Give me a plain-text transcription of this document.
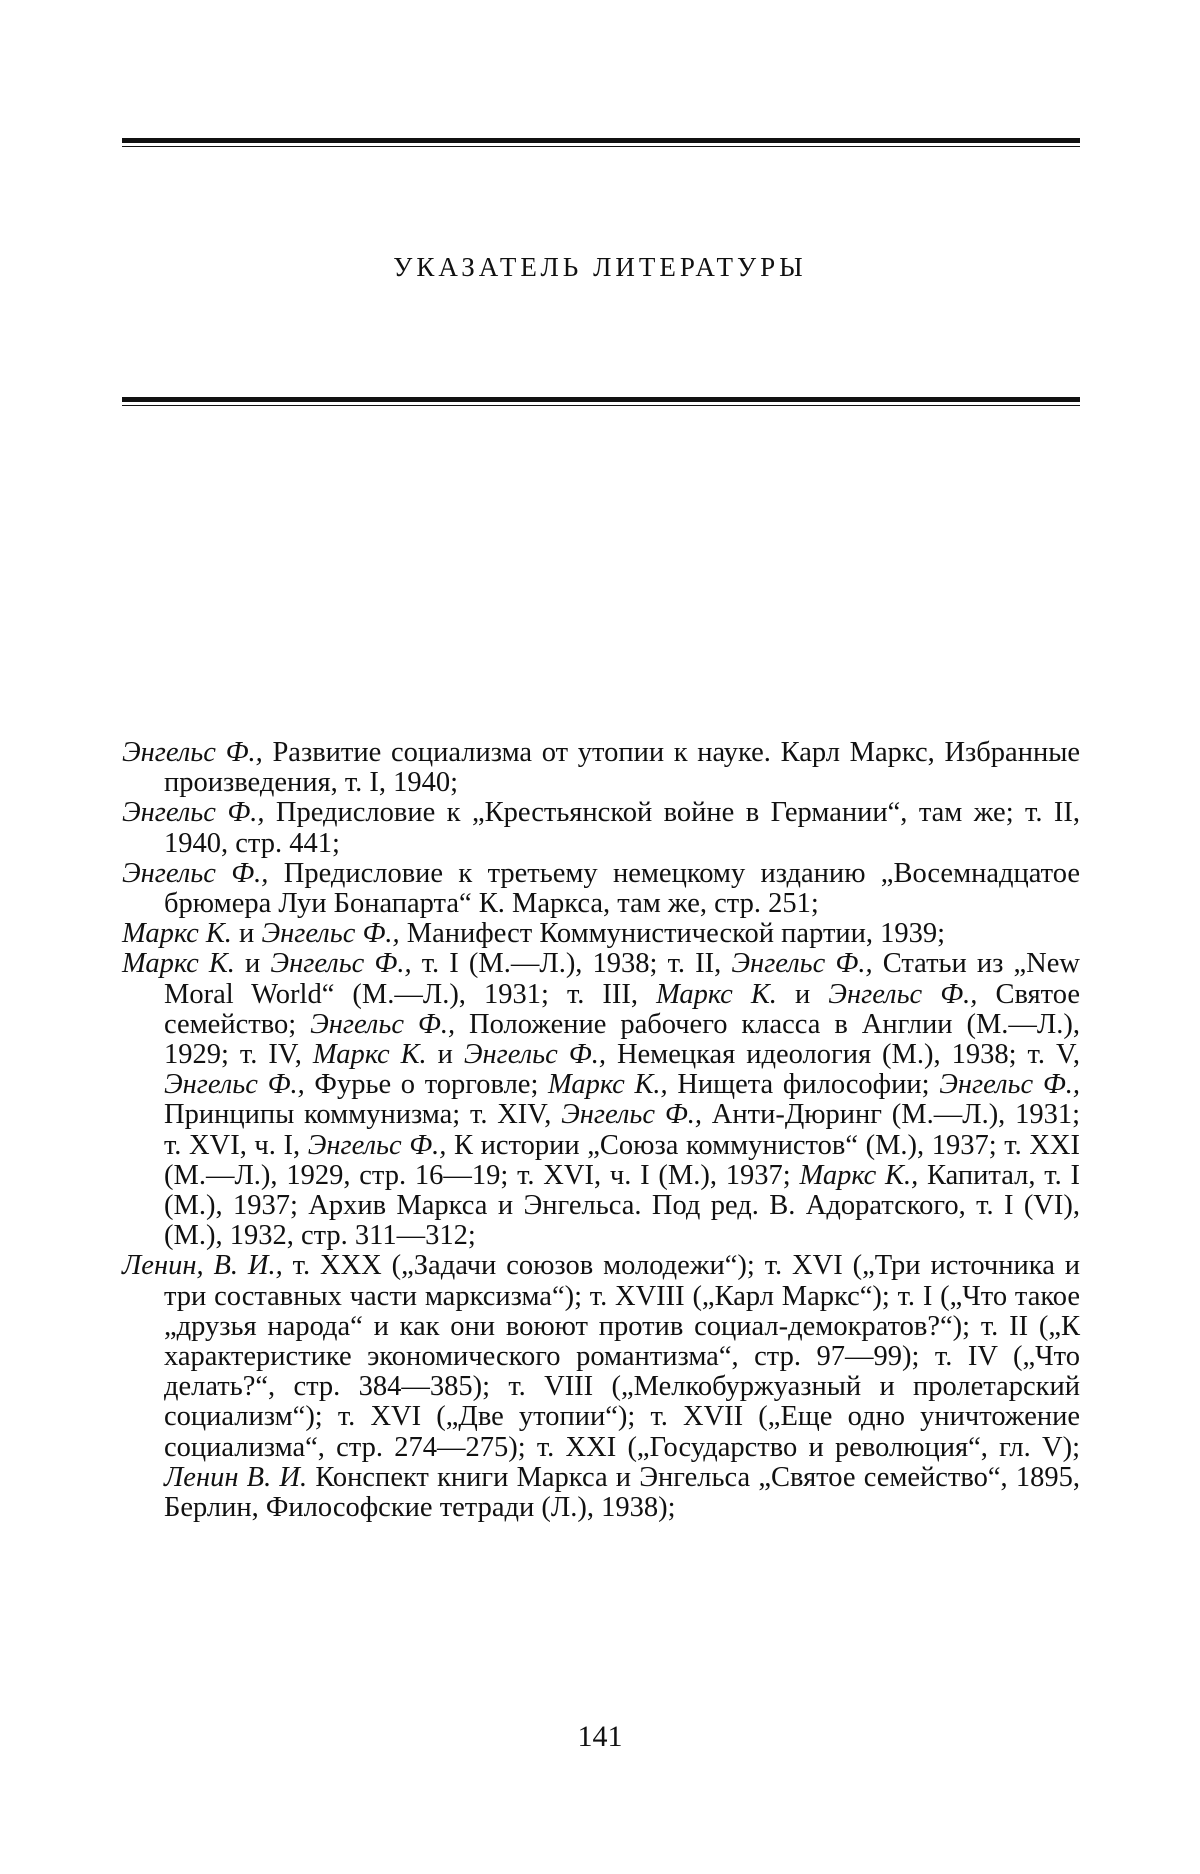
УКАЗАТЕЛЬ ЛИТЕРАТУРЫ

Энгельс Ф., Развитие социализма от утопии к науке. Карл Маркс, Избранные произведения, т. I, 1940;

Энгельс Ф., Предисловие к „Крестьянской войне в Германии“, там же; т. II, 1940, стр. 441;

Энгельс Ф., Предисловие к третьему немецкому изданию „Восемнадцатое брюмера Луи Бонапарта“ К. Маркса, там же, стр. 251;

Маркс К. и Энгельс Ф., Манифест Коммунистической партии, 1939;

Маркс К. и Энгельс Ф., т. I (М.—Л.), 1938; т. II, Энгельс Ф., Статьи из „New Moral World“ (М.—Л.), 1931; т. III, Маркс К. и Энгельс Ф., Святое семейство; Энгельс Ф., Положение рабочего класса в Англии (М.—Л.), 1929; т. IV, Маркс К. и Энгельс Ф., Немецкая идеология (М.), 1938; т. V, Энгельс Ф., Фурье о торговле; Маркс К., Нищета философии; Энгельс Ф., Принципы коммунизма; т. XIV, Энгельс Ф., Анти-Дюринг (М.—Л.), 1931; т. XVI, ч. I, Энгельс Ф., К истории „Союза коммунистов“ (М.), 1937; т. XXI (М.—Л.), 1929, стр. 16—19; т. XVI, ч. I (М.), 1937; Маркс К., Капитал, т. I (М.), 1937; Архив Маркса и Энгельса. Под ред. В. Адоратского, т. I (VI), (М.), 1932, стр. 311—312;

Ленин, В. И., т. XXX („Задачи союзов молодежи“); т. XVI („Три источника и три составных части марксизма“); т. XVIII („Карл Маркс“); т. I („Что такое „друзья народа“ и как они воюют против социал-демократов?“); т. II („К характеристике экономического романтизма“, стр. 97—99); т. IV („Что делать?“, стр. 384—385); т. VIII („Мелкобуржуазный и пролетарский социализм“); т. XVI („Две утопии“); т. XVII („Еще одно уничтожение социализма“, стр. 274—275); т. XXI („Государство и революция“, гл. V); Ленин В. И. Конспект книги Маркса и Энгельса „Святое семейство“, 1895, Берлин, Философские тетради (Л.), 1938);

141
